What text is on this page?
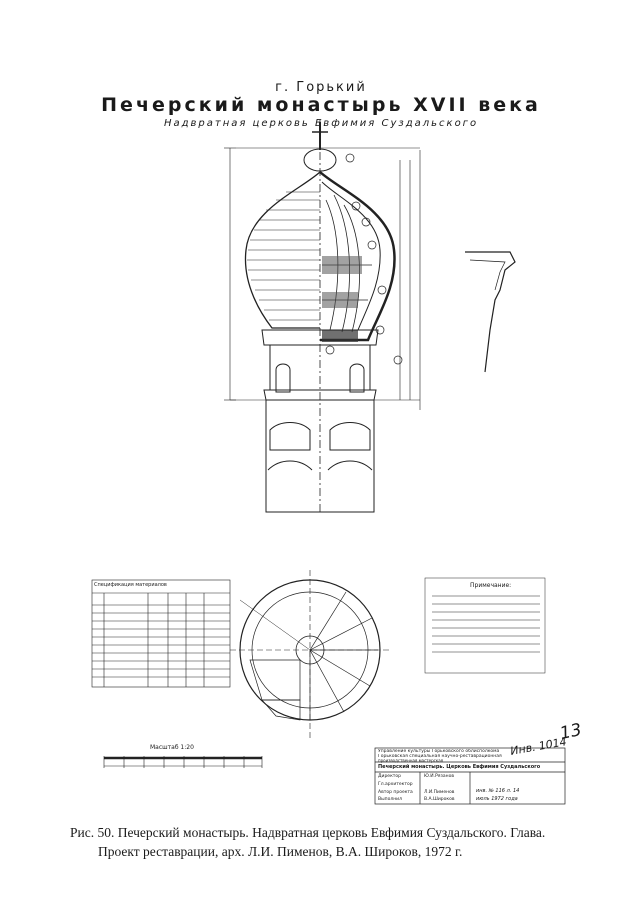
г. Горький
Печерский монастырь XVII века
Надвратная церковь Евфимия Суздальского
Спецификация материалов	Примечание:
Масштаб 1:20
Управление культуры Горьковского облисполкома
Горьковская специальная научно-реставрационная
производственная мастерская
Печерский монастырь. Церковь Евфимия Суздальского
Директор	Ю.И.Рязанов
Гл.архитектор
Автор проекта Л.И.Пименов
Выполнил	В.А.Широков
инв. № 116 л. 14
июль 1972 года
13
Инв. 1014
Рис. 50. Печерский монастырь. Надвратная церковь Евфимия Суздальского. Глава.
Проект реставрации, арх. Л.И. Пименов, В.А. Широков, 1972 г.
